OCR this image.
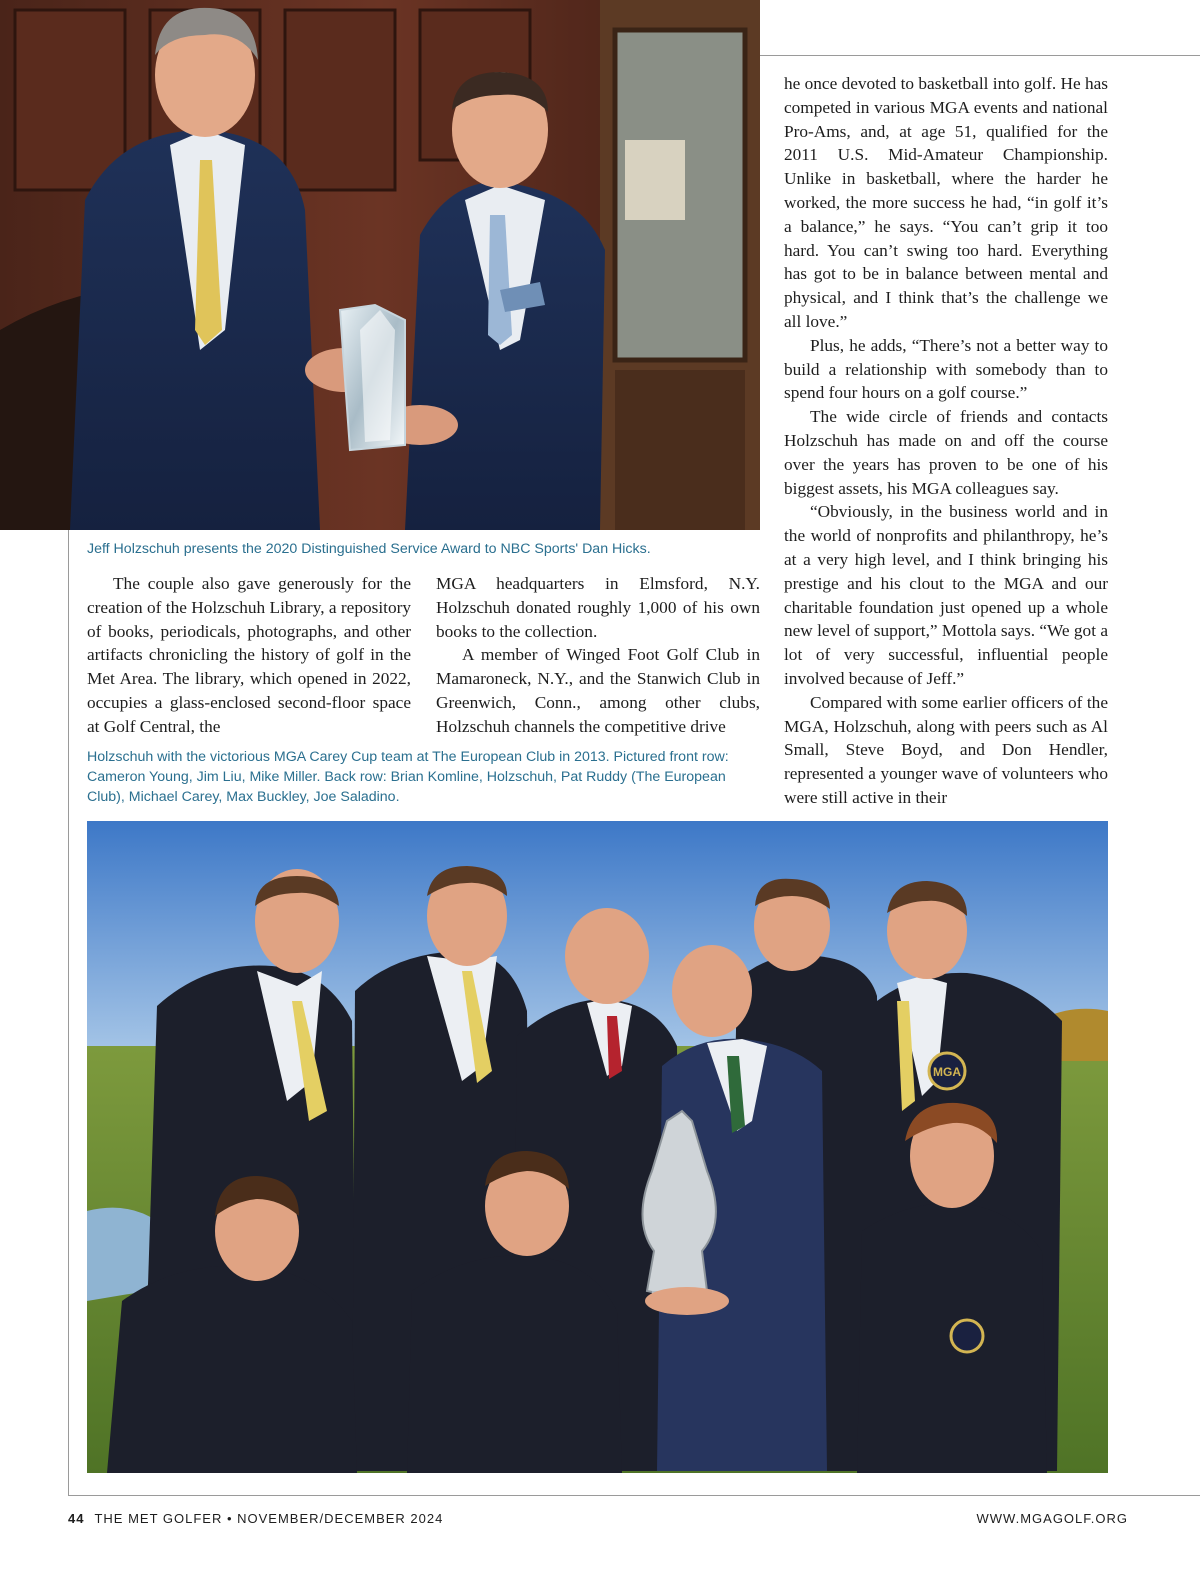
Jeff Holzschuh presents the 2020 Distinguished Service Award to NBC Sports' Dan Hicks.

The couple also gave generously for the creation of the Holzschuh Library, a repository of books, periodicals, photographs, and other artifacts chronicling the history of golf in the Met Area. The library, which opened in 2022, occupies a glass-enclosed second-floor space at Golf Central, the

MGA headquarters in Elmsford, N.Y. Holzschuh donated roughly 1,000 of his own books to the collection.

A member of Winged Foot Golf Club in Mamaroneck, N.Y., and the Stanwich Club in Greenwich, Conn., among other clubs, Holzschuh channels the competitive drive

he once devoted to basketball into golf. He has competed in various MGA events and national Pro-Ams, and, at age 51, qualified for the 2011 U.S. Mid-Amateur Championship. Unlike in basketball, where the harder he worked, the more success he had, “in golf it’s a balance,” he says. “You can’t grip it too hard. You can’t swing too hard. Everything has got to be in balance between mental and physical, and I think that’s the challenge we all love.”

Plus, he adds, “There’s not a better way to build a relationship with somebody than to spend four hours on a golf course.”

The wide circle of friends and contacts Holzschuh has made on and off the course over the years has proven to be one of his biggest assets, his MGA colleagues say.

“Obviously, in the business world and in the world of nonprofits and philanthropy, he’s at a very high level, and I think bringing his prestige and his clout to the MGA and our charitable foundation just opened up a whole new level of support,” Mottola says. “We got a lot of very successful, influential people involved because of Jeff.”

Compared with some earlier officers of the MGA, Holzschuh, along with peers such as Al Small, Steve Boyd, and Don Hendler, represented a younger wave of volunteers who were still active in their

Holzschuh with the victorious MGA Carey Cup team at The European Club in 2013. Pictured front row: Cameron Young, Jim Liu, Mike Miller. Back row: Brian Komline, Holzschuh, Pat Ruddy (The European Club), Michael Carey, Max Buckley, Joe Saladino.
MGA
44 THE MET GOLFER • NOVEMBER/DECEMBER 2024	WWW.MGAGOLF.ORG
